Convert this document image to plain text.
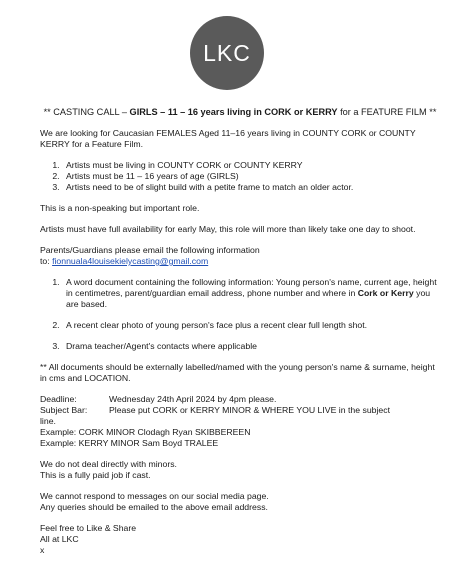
LKC

** CASTING CALL – GIRLS – 11 – 16 years living in CORK or KERRY for a FEATURE FILM **

We are looking for Caucasian FEMALES Aged 11–16 years living in COUNTY CORK or COUNTY KERRY for a Feature Film.

1. Artists must be living in COUNTY CORK or COUNTY KERRY
2. Artists must be 11 – 16 years of age (GIRLS)
3. Artists need to be of slight build with a petite frame to match an older actor.

This is a non-speaking but important role.

Artists must have full availability for early May, this role will more than likely take one day to shoot.

Parents/Guardians please email the following information
to: fionnuala4louisekielycasting@gmail.com

1. A word document containing the following information: Young person's name, current age, height in centimetres, parent/guardian email address, phone number and where in Cork or Kerry you are based.
2. A recent clear photo of young person's face plus a recent clear full length shot.
3. Drama teacher/Agent's contacts where applicable

** All documents should be externally labelled/named with the young person's name & surname, height in cms and LOCATION.

Deadline:	Wednesday 24th April 2024 by 4pm please.
Subject Bar:	Please put CORK or KERRY MINOR & WHERE YOU LIVE in the subject
line.
Example: CORK MINOR Clodagh Ryan SKIBBEREEN
Example: KERRY MINOR Sam Boyd TRALEE

We do not deal directly with minors.
This is a fully paid job if cast.

We cannot respond to messages on our social media page.
Any queries should be emailed to the above email address.

Feel free to Like & Share
All at LKC
x
